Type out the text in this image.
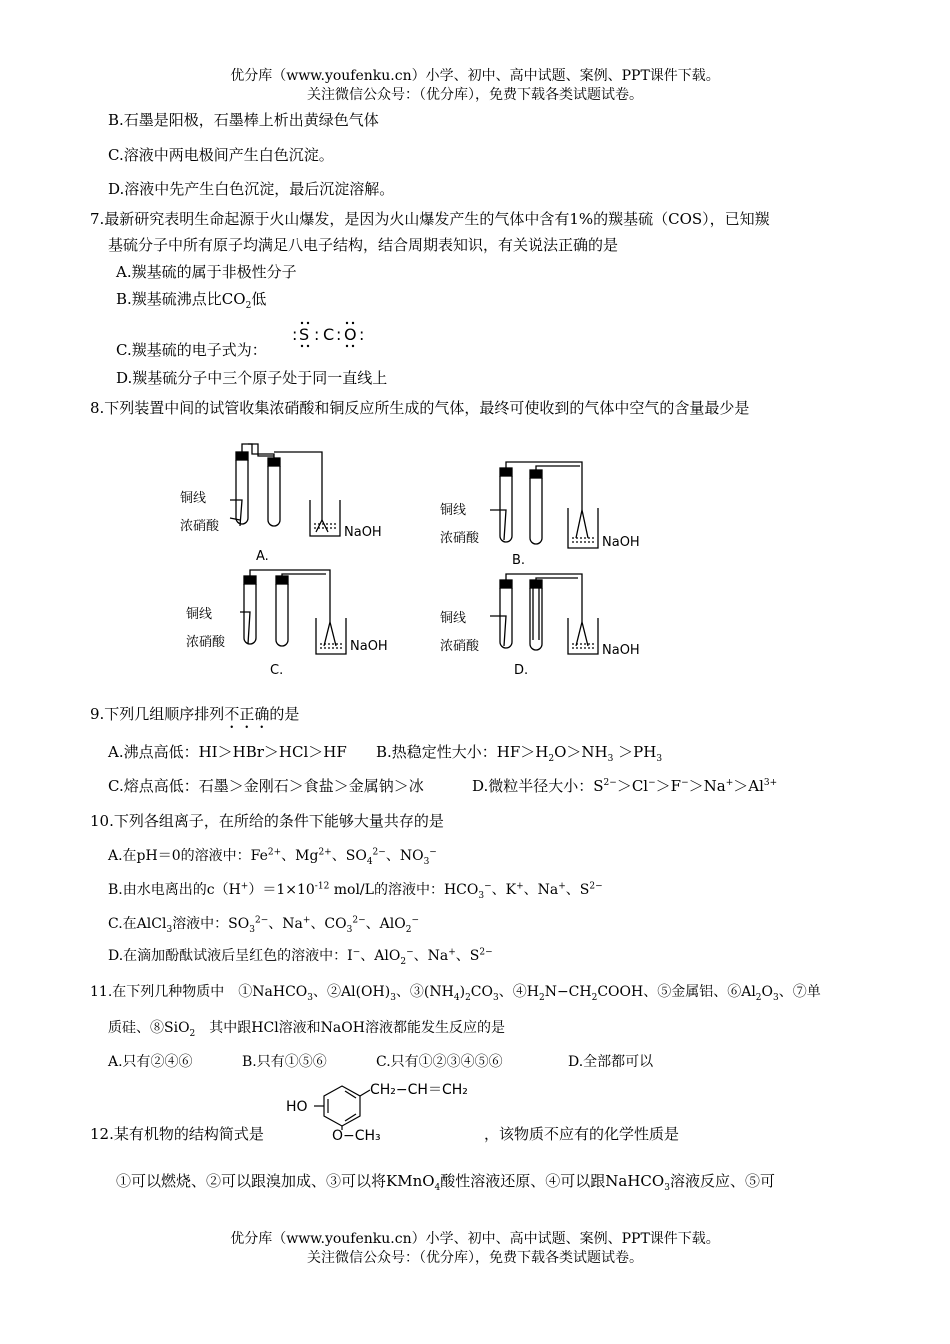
优分库（www.youfenku.cn）小学、初中、高中试题、案例、PPT课件下载。
关注微信公众号：（优分库），免费下载各类试题试卷。
B.石墨是阳极，石墨棒上析出黄绿色气体
C.溶液中两电极间产生白色沉淀。
D.溶液中先产生白色沉淀，最后沉淀溶解。
7.最新研究表明生命起源于火山爆发，是因为火山爆发产生的气体中含有1%的羰基硫（COS），已知羰
基硫分子中所有原子均满足八电子结构，结合周期表知识，有关说法正确的是
A.羰基硫的属于非极性分子
B.羰基硫沸点比$CO_2$低
C.羰基硫的电子式为：
: S : C : O :
D.羰基硫分子中三个原子处于同一直线上
8.下列装置中间的试管收集浓硝酸和铜反应所生成的气体，最终可使收到的气体中空气的含量最少是
铜线
浓硝酸	NaOH
A.
铜线
浓硝酸	NaOH
B.
铜线
浓硝酸	NaOH
C.
铜线
浓硝酸	NaOH
D.
9.下列几组顺序排列不正确的是
A.沸点高低：HI＞HBr＞HCl＞HF B.热稳定性大小：$HF>H_2O>NH_3 >PH_3$
C.熔点高低：石墨＞金刚石＞食盐＞金属钠＞冰	D.微粒半径大小：$S^{2-}>Cl^->F^->Na^+>Al^{3+}$
10.下列各组离子，在所给的条件下能够大量共存的是
A.在pH＝0的溶液中：$Fe^{2+}$、$Mg^{2+}$、$SO_4^{2-}$、$NO_3^-$
B.由水电离出的$c(H^+)=1\times 10^{-12}$ mol/L的溶液中：$HCO_3^-$、K+、Na+、$S^{2-}$
C.在AlCl$_3$溶液中：$SO_3^{2-}$、Na+、$CO_3^{2-}$、AlO$_2$−
D.在滴加酚酞试液后呈红色的溶液中：I−、AlO$_2$−、Na+、$S^{2-}$
11.在下列几种物质中　①NaHCO$_3$、$②Al(OH)_3$、$③(NH_4)_2CO_3$、$④H_2N-CH_2COOH$、⑤金属铝、$⑥Al_2O_3$、⑦单
质硅、⑧SiO$_2$　其中跟HCl溶液和NaOH溶液都能发生反应的是
A.只有②④⑥	B.只有①⑤⑥	C.只有①②③④⑤⑥	D.全部都可以
12.某有机物的结构简式是
HO
CH₂−CH＝CH₂
O−CH₃	，该物质不应有的化学性质是
①可以燃烧、②可以跟溴加成、③可以将KMnO$_4$酸性溶液还原、④可以跟NaHCO$_3$溶液反应、⑤可
优分库（www.youfenku.cn）小学、初中、高中试题、案例、PPT课件下载。
关注微信公众号：（优分库），免费下载各类试题试卷。
